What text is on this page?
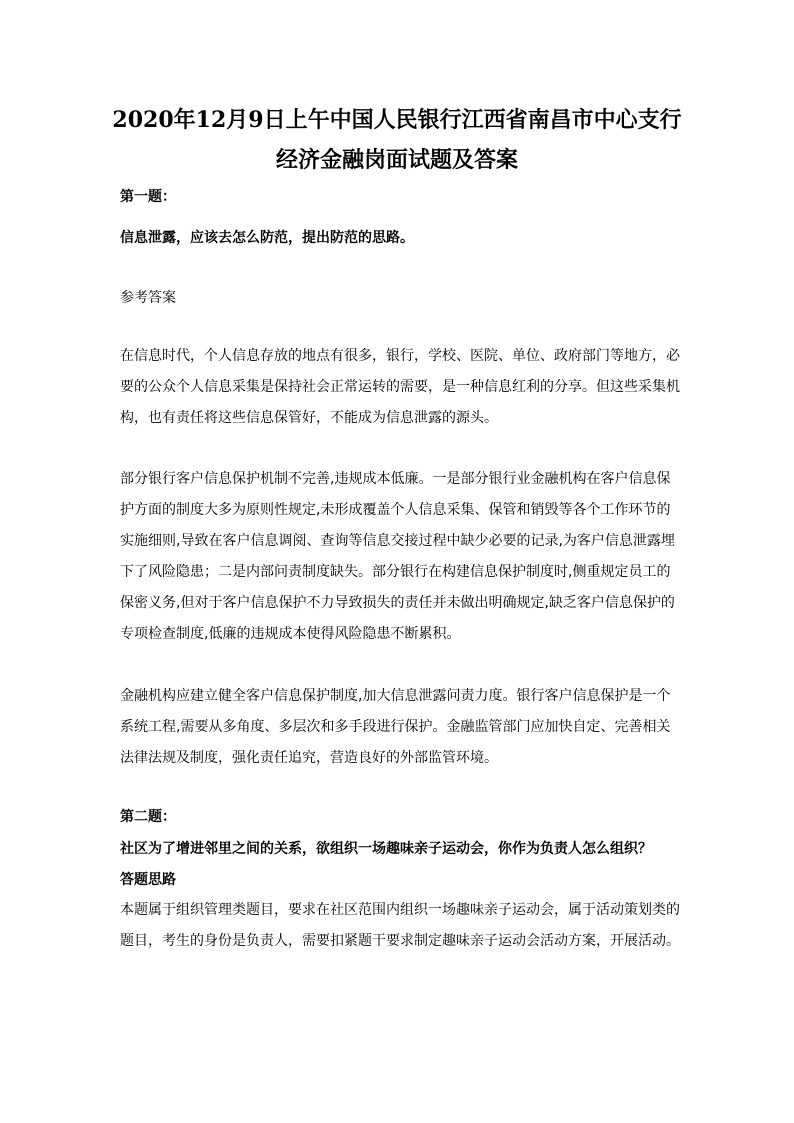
2020年12月9日上午中国人民银行江西省南昌市中心支行
经济金融岗面试题及答案

第一题：

信息泄露，应该去怎么防范，提出防范的思路。

参考答案

在信息时代，个人信息存放的地点有很多，银行，学校、医院、单位、政府部门等地方，必要的公众个人信息采集是保持社会正常运转的需要，是一种信息红利的分享。但这些采集机构，也有责任将这些信息保管好，不能成为信息泄露的源头。

部分银行客户信息保护机制不完善,违规成本低廉。一是部分银行业金融机构在客户信息保护方面的制度大多为原则性规定,未形成覆盖个人信息采集、保管和销毁等各个工作环节的实施细则,导致在客户信息调阅、查询等信息交接过程中缺少必要的记录,为客户信息泄露埋下了风险隐患；二是内部问责制度缺失。部分银行在构建信息保护制度时,侧重规定员工的保密义务,但对于客户信息保护不力导致损失的责任并未做出明确规定,缺乏客户信息保护的专项检查制度,低廉的违规成本使得风险隐患不断累积。

金融机构应建立健全客户信息保护制度,加大信息泄露问责力度。银行客户信息保护是一个系统工程,需要从多角度、多层次和多手段进行保护。金融监管部门应加快自定、完善相关法律法规及制度，强化责任追究，营造良好的外部监管环境。

第二题：

社区为了增进邻里之间的关系，欲组织一场趣味亲子运动会，你作为负责人怎么组织？

答题思路

本题属于组织管理类题目，要求在社区范围内组织一场趣味亲子运动会，属于活动策划类的题目，考生的身份是负责人，需要扣紧题干要求制定趣味亲子运动会活动方案，开展活动。
